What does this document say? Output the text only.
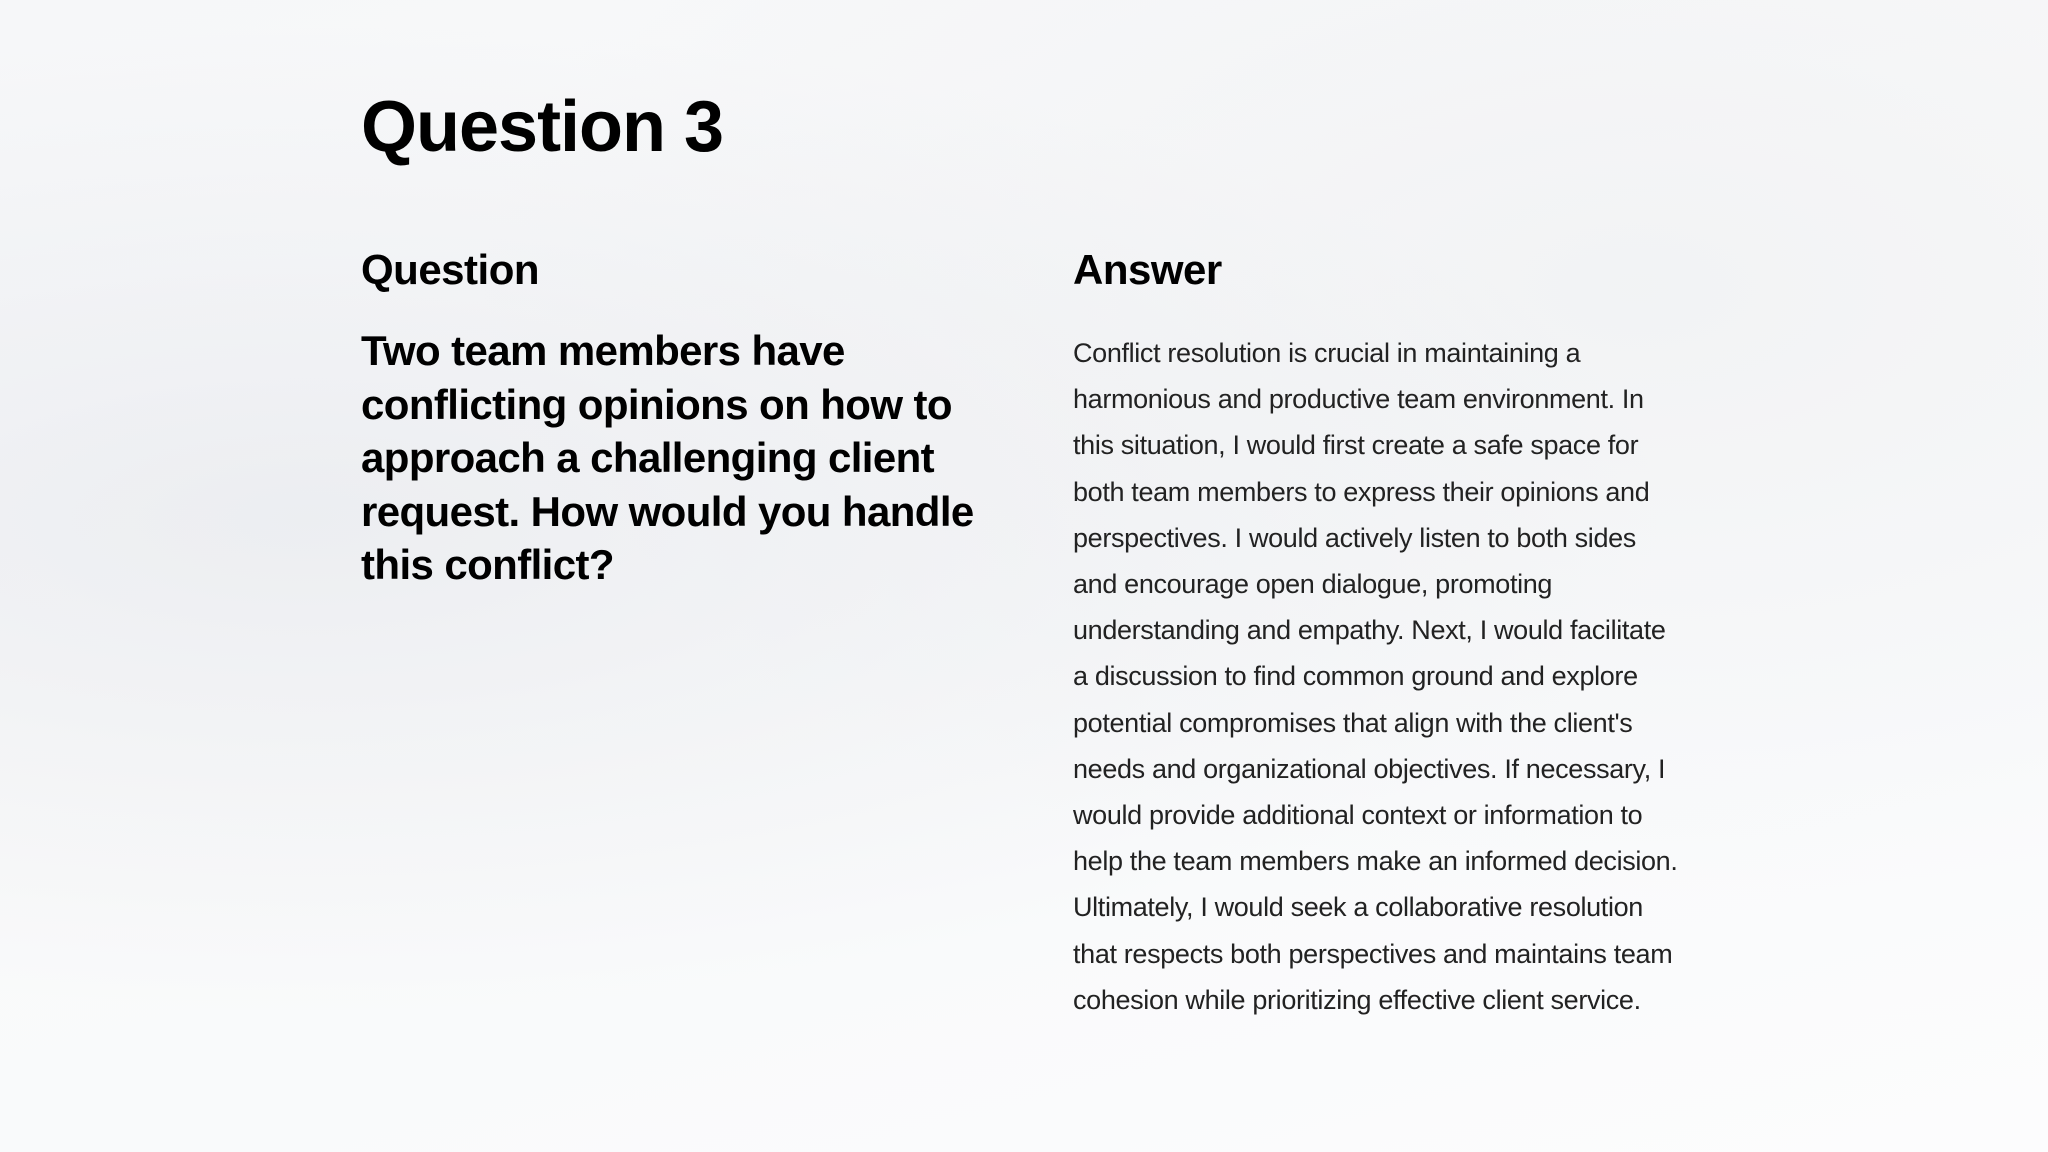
Question 3
Question

Two team members have conflicting opinions on how to approach a challenging client request. How would you handle this conflict?

Answer

Conflict resolution is crucial in maintaining a harmonious and productive team environment. In this situation, I would first create a safe space for both team members to express their opinions and perspectives. I would actively listen to both sides and encourage open dialogue, promoting understanding and empathy. Next, I would facilitate a discussion to find common ground and explore potential compromises that align with the client's needs and organizational objectives. If necessary, I would provide additional context or information to help the team members make an informed decision. Ultimately, I would seek a collaborative resolution that respects both perspectives and maintains team cohesion while prioritizing effective client service.
